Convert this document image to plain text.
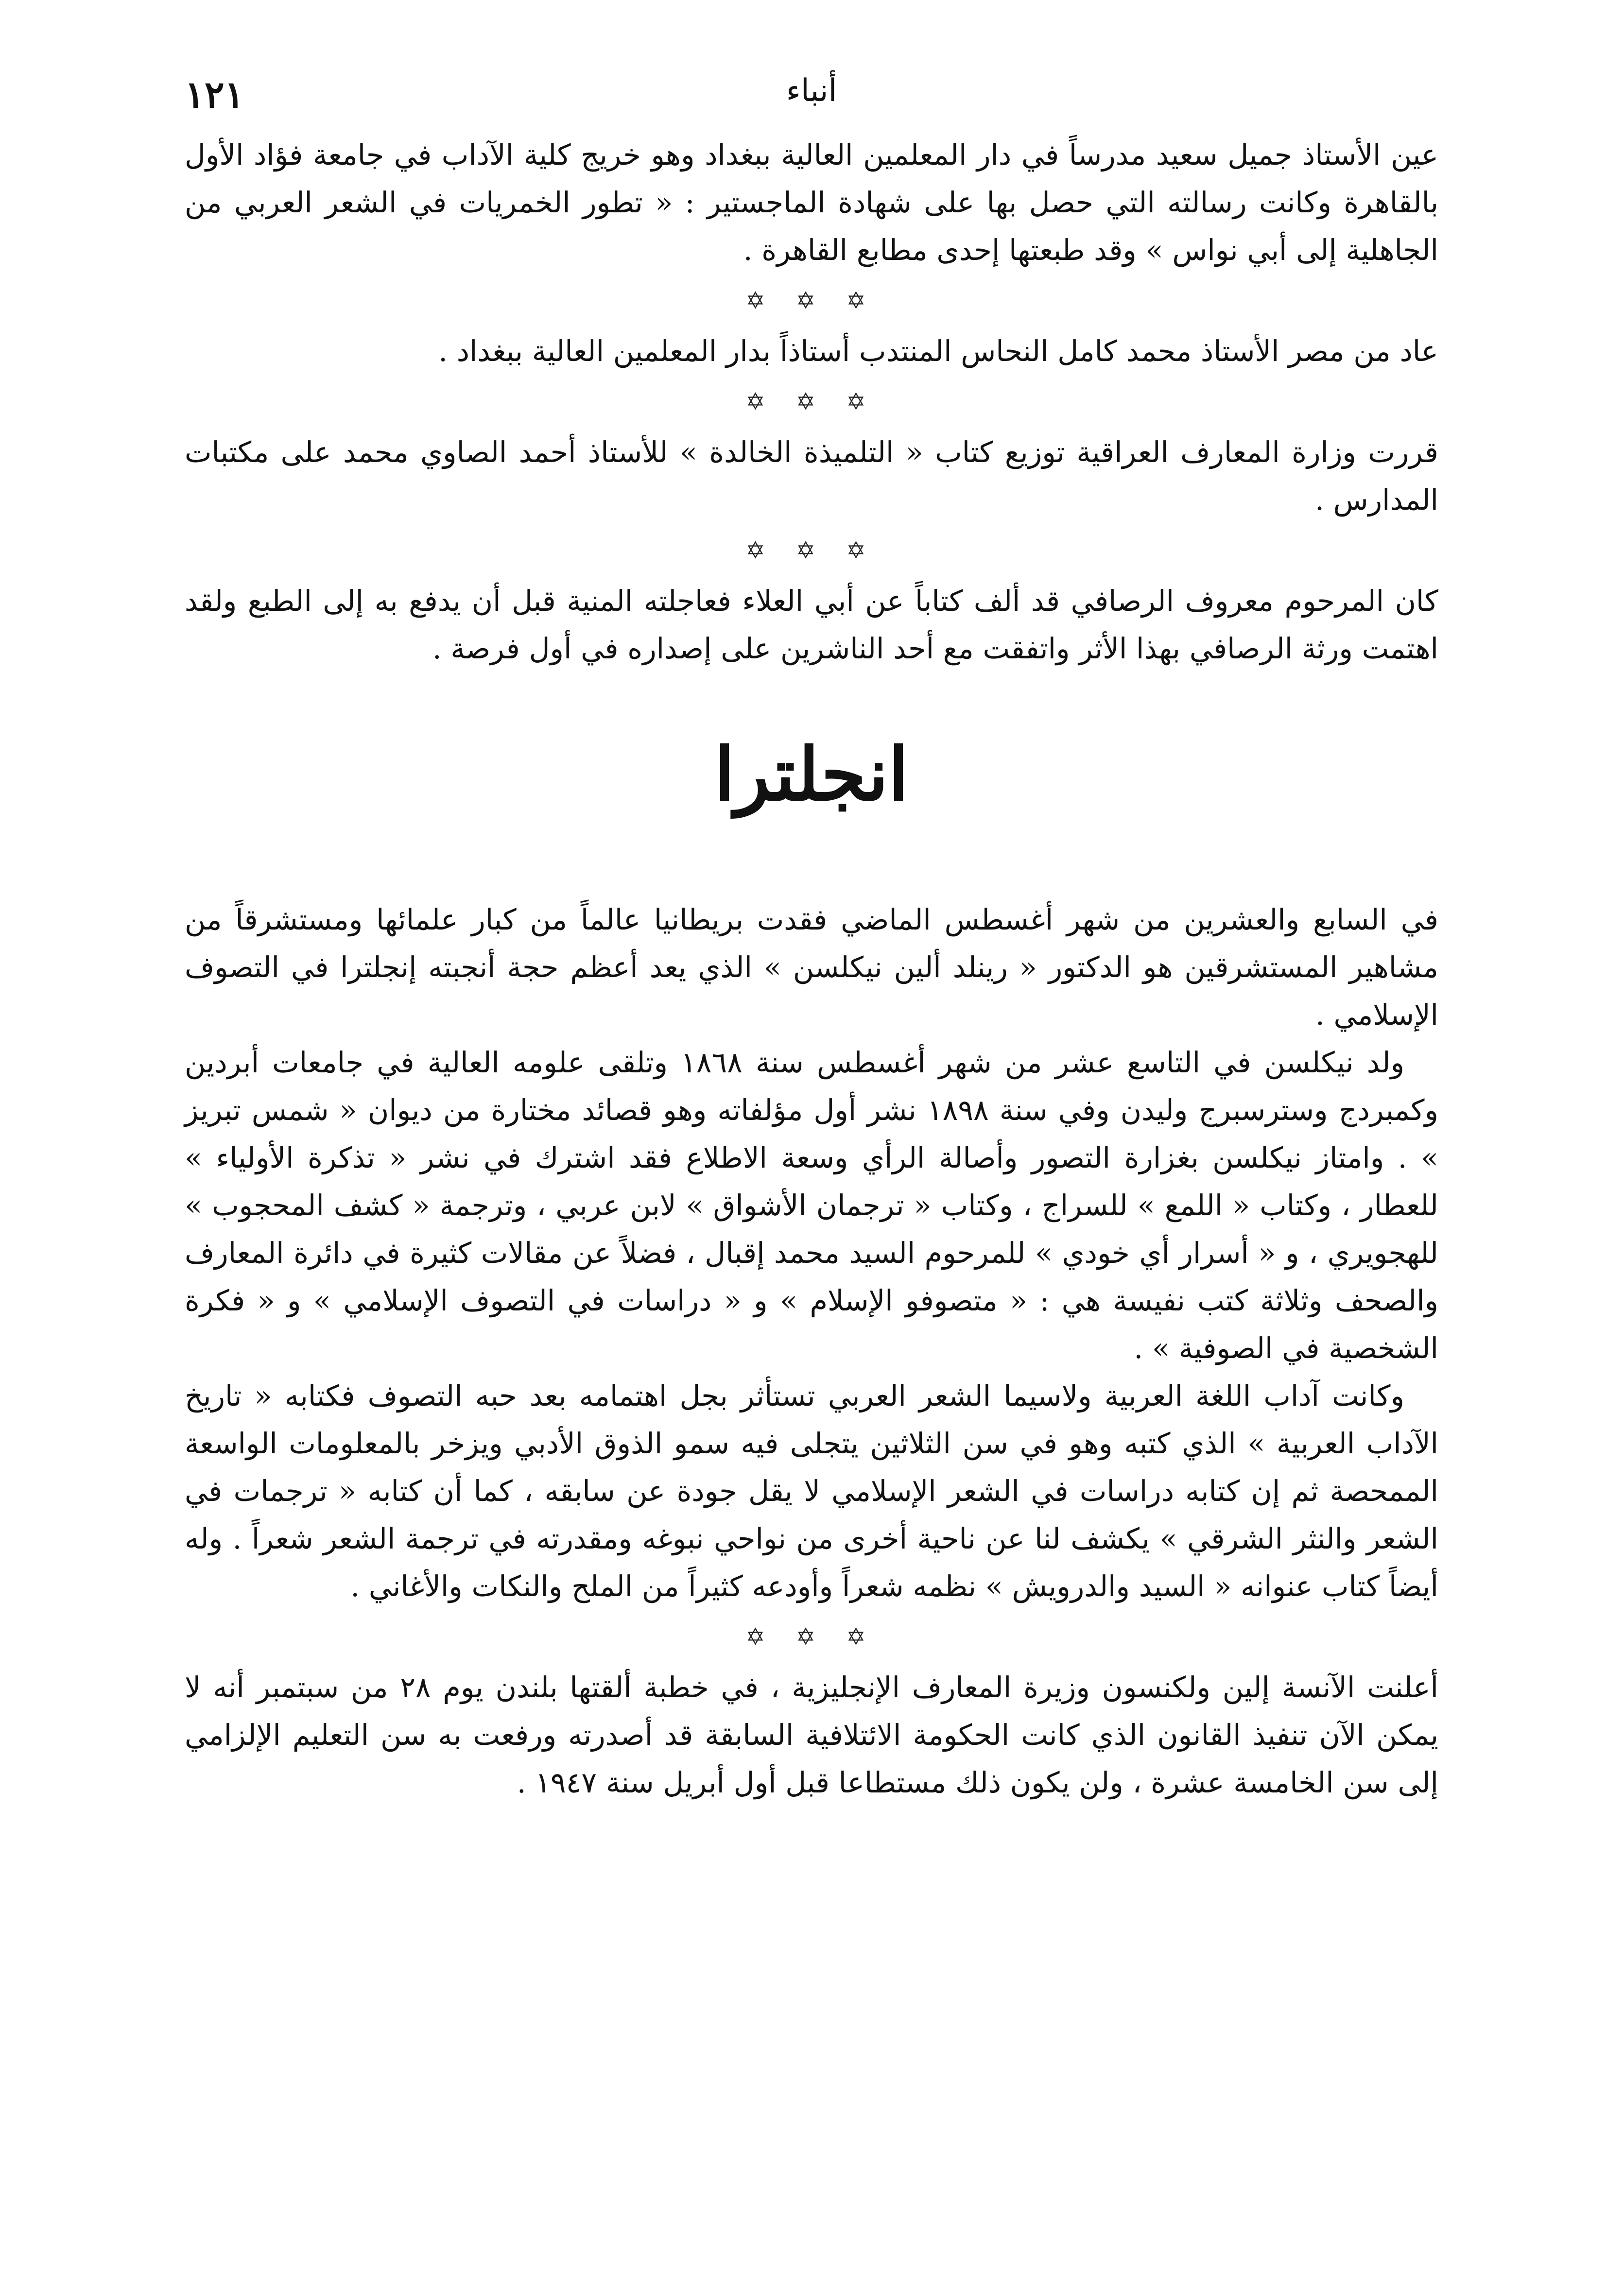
أنباء
١٢١

عين الأستاذ جميل سعيد مدرساً في دار المعلمين العالية ببغداد وهو خريج كلية الآداب في جامعة فؤاد الأول بالقاهرة وكانت رسالته التي حصل بها على شهادة الماجستير : « تطور الخمريات في الشعر العربي من الجاهلية إلى أبي نواس » وقد طبعتها إحدى مطابع القاهرة .

✡ ✡ ✡

عاد من مصر الأستاذ محمد كامل النحاس المنتدب أستاذاً بدار المعلمين العالية ببغداد .

✡ ✡ ✡

قررت وزارة المعارف العراقية توزيع كتاب « التلميذة الخالدة » للأستاذ أحمد الصاوي محمد على مكتبات المدارس .

✡ ✡ ✡

كان المرحوم معروف الرصافي قد ألف كتاباً عن أبي العلاء فعاجلته المنية قبل أن يدفع به إلى الطبع ولقد اهتمت ورثة الرصافي بهذا الأثر واتفقت مع أحد الناشرين على إصداره في أول فرصة .

انجلترا

في السابع والعشرين من شهر أغسطس الماضي فقدت بريطانيا عالماً من كبار علمائها ومستشرقاً من مشاهير المستشرقين هو الدكتور « رينلد ألين نيكلسن » الذي يعد أعظم حجة أنجبته إنجلترا في التصوف الإسلامي .

ولد نيكلسن في التاسع عشر من شهر أغسطس سنة ١٨٦٨ وتلقى علومه العالية في جامعات أبردين وكمبردج وسترسبرج وليدن وفي سنة ١٨٩٨ نشر أول مؤلفاته وهو قصائد مختارة من ديوان « شمس تبريز » . وامتاز نيكلسن بغزارة التصور وأصالة الرأي وسعة الاطلاع فقد اشترك في نشر « تذكرة الأولياء » للعطار ، وكتاب « اللمع » للسراج ، وكتاب « ترجمان الأشواق » لابن عربي ، وترجمة « كشف المحجوب » للهجويري ، و « أسرار أي خودي » للمرحوم السيد محمد إقبال ، فضلاً عن مقالات كثيرة في دائرة المعارف والصحف وثلاثة كتب نفيسة هي : « متصوفو الإسلام » و « دراسات في التصوف الإسلامي » و « فكرة الشخصية في الصوفية » .

وكانت آداب اللغة العربية ولاسيما الشعر العربي تستأثر بجل اهتمامه بعد حبه التصوف فكتابه « تاريخ الآداب العربية » الذي كتبه وهو في سن الثلاثين يتجلى فيه سمو الذوق الأدبي ويزخر بالمعلومات الواسعة الممحصة ثم إن كتابه دراسات في الشعر الإسلامي لا يقل جودة عن سابقه ، كما أن كتابه « ترجمات في الشعر والنثر الشرقي » يكشف لنا عن ناحية أخرى من نواحي نبوغه ومقدرته في ترجمة الشعر شعراً . وله أيضاً كتاب عنوانه « السيد والدرويش » نظمه شعراً وأودعه كثيراً من الملح والنكات والأغاني .

✡ ✡ ✡

أعلنت الآنسة إلين ولكنسون وزيرة المعارف الإنجليزية ، في خطبة ألقتها بلندن يوم ٢٨ من سبتمبر أنه لا يمكن الآن تنفيذ القانون الذي كانت الحكومة الائتلافية السابقة قد أصدرته ورفعت به سن التعليم الإلزامي إلى سن الخامسة عشرة ، ولن يكون ذلك مستطاعا قبل أول أبريل سنة ١٩٤٧ .
